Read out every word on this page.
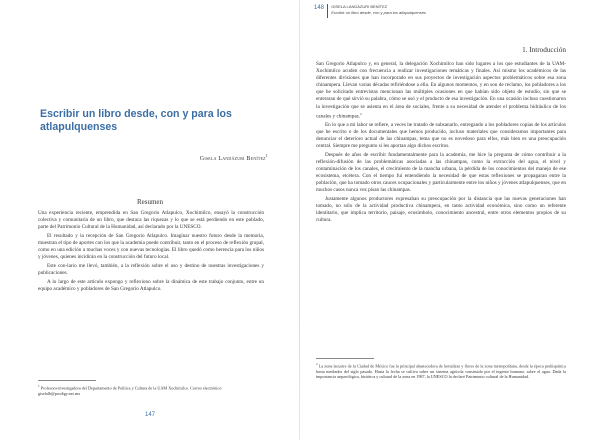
Escribir un libro desde, con y para los atlapulquenses
Gisela Landázuri Benítez$^1$
Resumen

Una experiencia reciente, emprendida en San Gregorio Atlapulco, Xochimilco, ensayó la construcción colectiva y comunitaria de un libro, que destaca las riquezas y lo que se está perdiendo en este poblado, parte del Patrimonio Cultural de la Humanidad, así declarado por la UNESCO.

El resultado y la recepción de San Gregorio Atlapulco. Imaginar nuestro futuro desde la memoria, muestran el tipo de aportes con los que la academia puede contribuir, tanto en el proceso de reflexión grupal, como en una edición a muchas voces y con nuevas tecnologías. El libro quedó como herencia para los niños y jóvenes, quienes incidirán en la construcción del futuro local.

Este con-lario me llevó, también, a la reflexión sobre el uso y destino de nuestras investigaciones y publicaciones.

A lo largo de este artículo expongo y reflexiono sobre la dinámica de este trabajo conjunto, entre un equipo académico y pobladores de San Gregorio Atlapulco.

$^1$ Profesora-investigadora del Departamento de Política y Cultura de la UAM Xochimilco. Correo electrónico: giselalb@prodigy.net.mx
147
148 GISELA LANDÁZURI BENÍTEZ
Escribir un libro desde, con y para los atlapulquenses
1. Introducción

San Gregorio Atlapulco y, en general, la delegación Xochimilco han sido lugares a los que estudiantes de la UAM-Xochimilco acuden con frecuencia a realizar investigaciones temáticas y finales. Así mismo los académicos de las diferentes divisiones que han incorporado en sus proyectos de investigación aspectos problemáticos sobre esa zona chinampera. Llevan varias décadas refiriéndose a ella. En algunos momentos, y en son de reclamo, los pobladores a los que he solicitado entrevistas mencionan las múltiples ocasiones en que habían sido objeto de estudio, sin que se enteraran de qué sirvió su palabra, cómo se usó y el producto de esa investigación. En una ocasión incluso cuestionaron la investigación que se asienta en el área de sociales, frente a su necesidad de atender el problema hidráulico de los canales y chinampas.$^2$

En lo que a mí labor se refiere, a veces he tratado de subsanarlo, entregando a los pobladores copias de los artículos que he escrito o de los documentales que hemos producido, incluso materiales que consideramos importantes para denunciar el deterioro actual de las chinampas, tema que no es novedoso para ellos, más bien es una preocupación central. Siempre me pregunto si les aportan algo dichos escritos.

Después de años de escribir fundamentalmente para la academia, me hice la pregunta de cómo contribuir a la reflexión-difusión de las problemáticas asociadas a las chinampas, como la extracción del agua, el nivel y contaminación de los canales, el crecimiento de la mancha urbana, la pérdida de los conocimientos del manejo de ese ecosistema, etcétera. Con el tiempo fui entendiendo la necesidad de que estas reflexiones se propagaran entre la población, que ha tomado otros cauces ocupacionales y particularmente entre los niños y jóvenes atlapulquenses, que en muchos casos nunca vez pisan las chinampas.

Justamente algunos productores expresaban su preocupación por la distancia que las nuevas generaciones han tomado, no sólo de la actividad productiva chinampera, en tanto actividad económica, sino como un referente identitario, que implica territorio, paisaje, ecosimbolo, conocimiento ancestral, entre otros elementos propios de su cultura.

$^2$ La zona lacustre de la Ciudad de México fue la principal abastecedora de hortalizas y flores de la zona metropolitana, desde la época prehispánica hasta mediados del siglo pasado. Hasta la fecha se cultiva sobre un sistema agrícola construido por el ingenio humano, sobre el agua. Dada la importancia arqueológica, histórica y cultural de la zona en 1987, la UNESCO la declaró Patrimonio cultural de la Humanidad.
